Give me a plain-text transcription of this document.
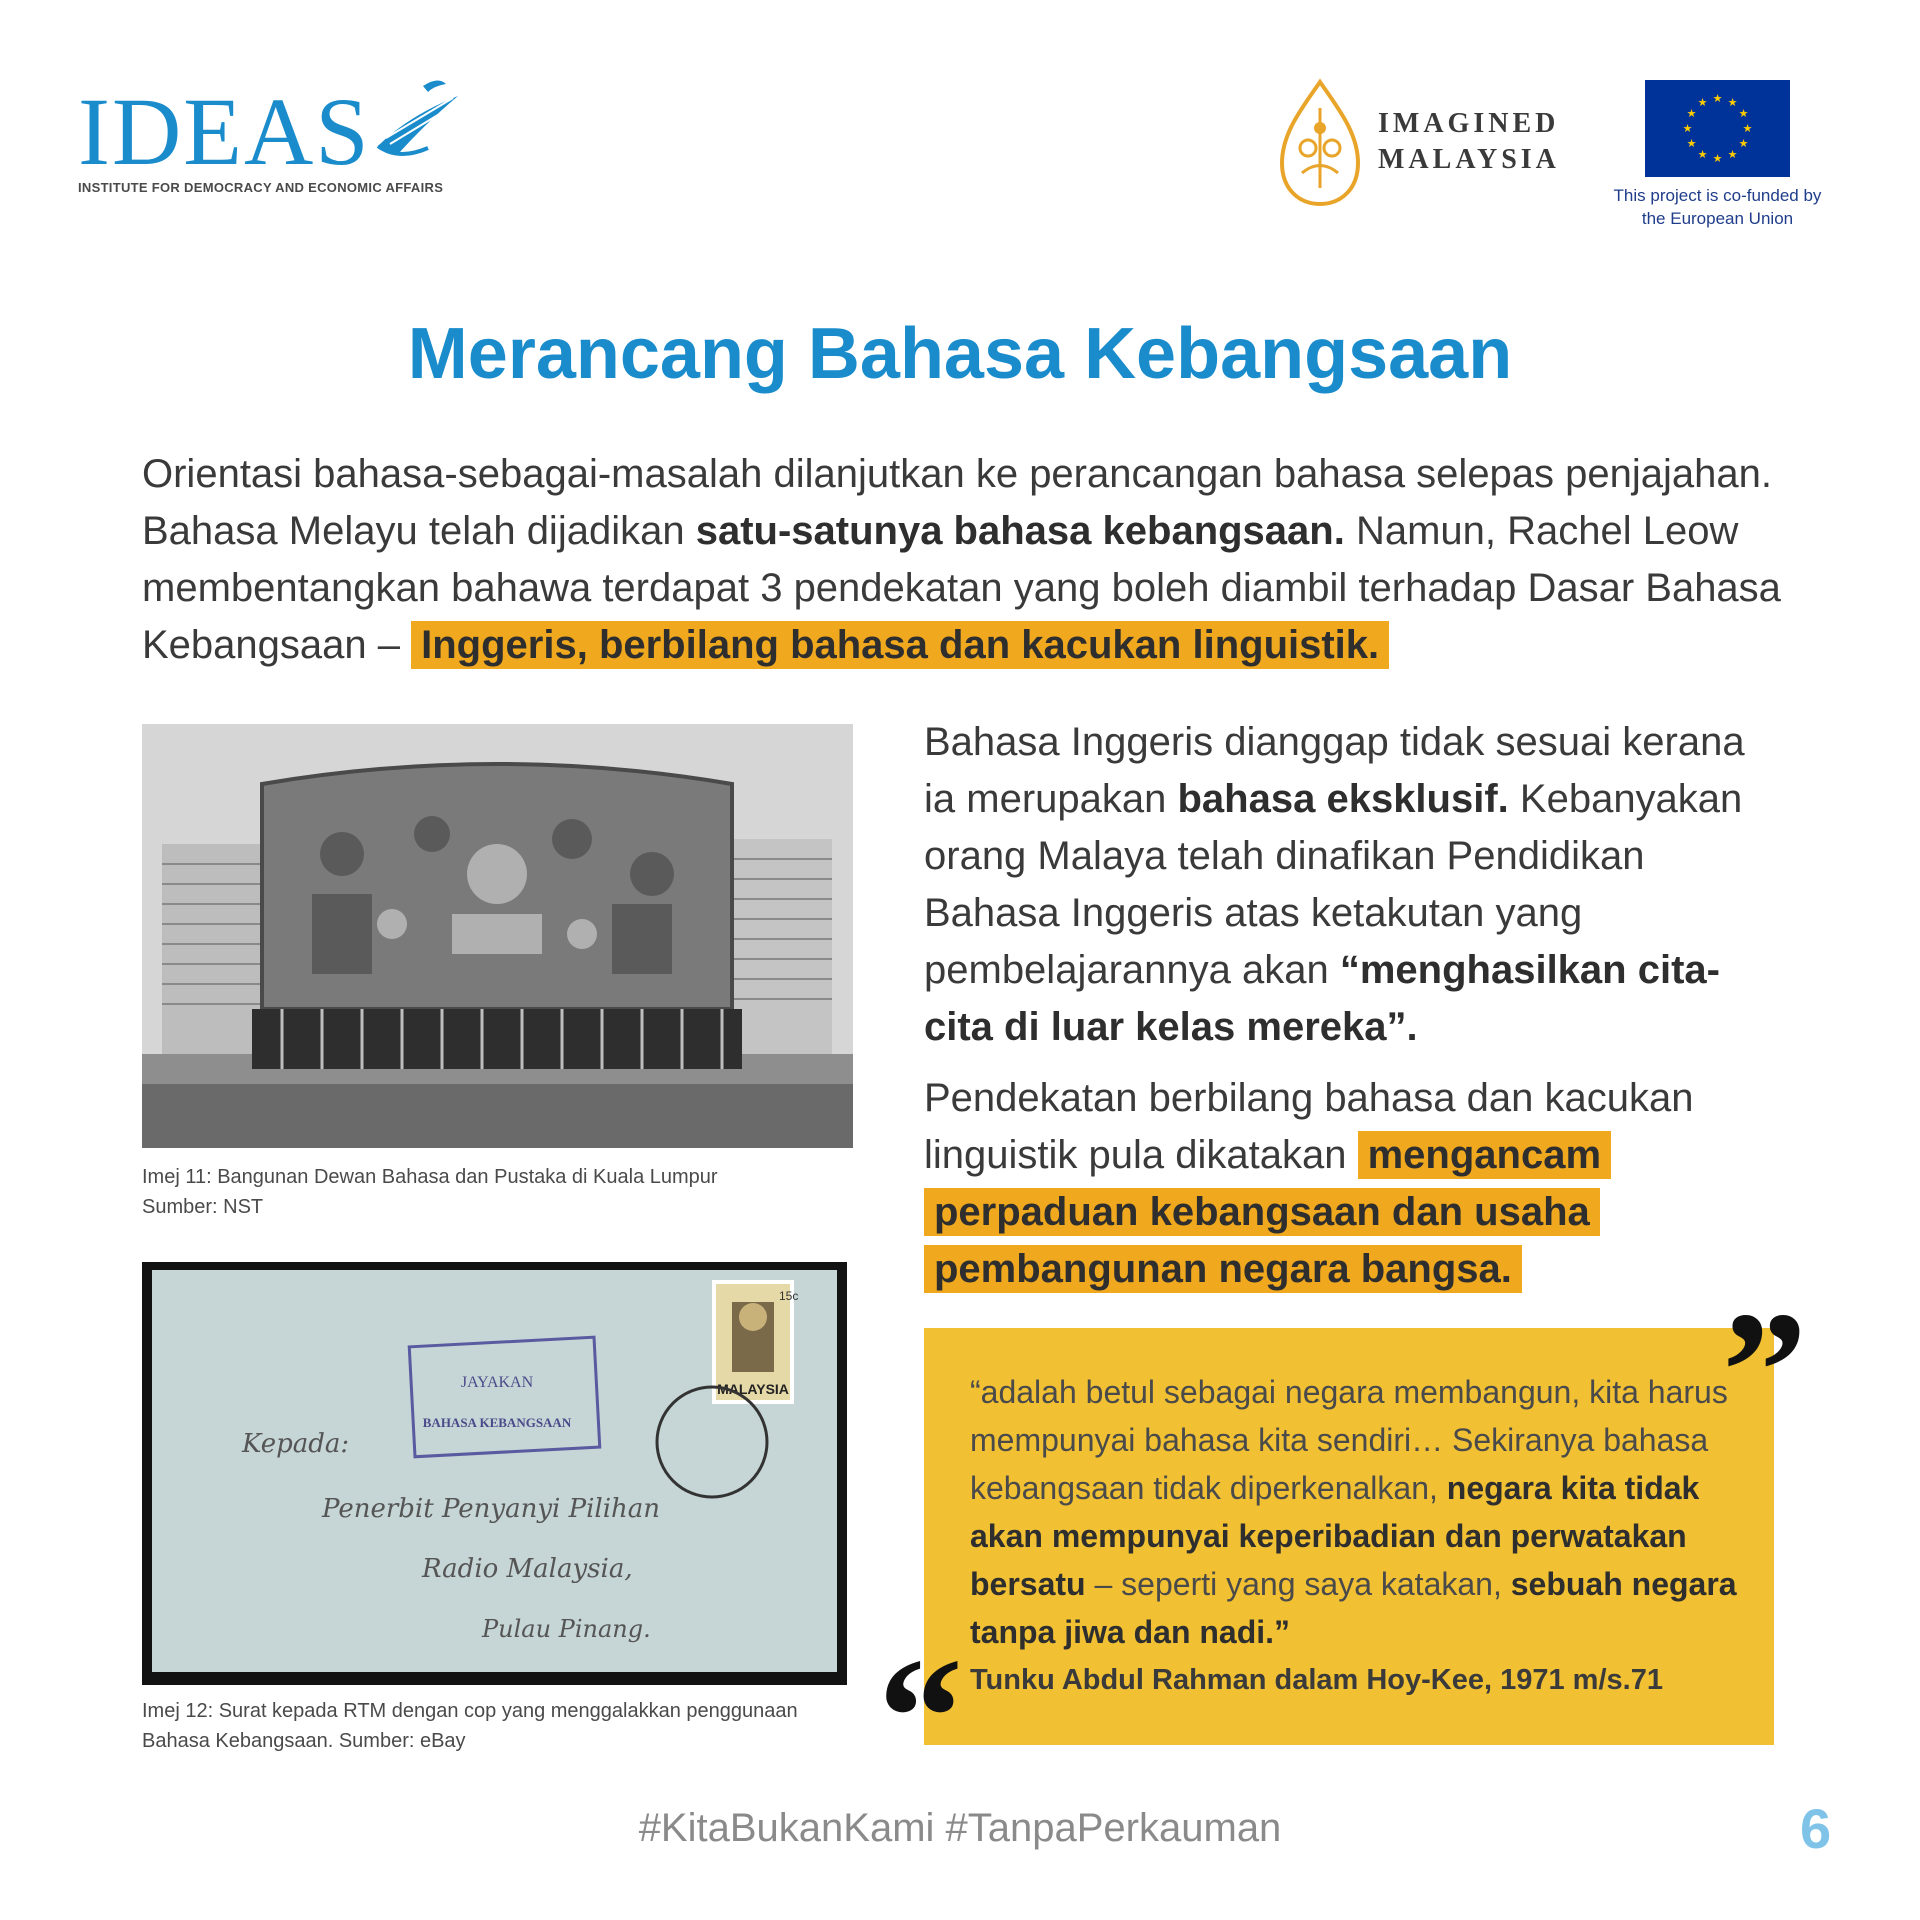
IDEAS
INSTITUTE FOR DEMOCRACY AND ECONOMIC AFFAIRS
IMAGINED
MALAYSIA
★ ★
★
★
★
★
★
★
★
★
★
★
This project is co-funded by
the European Union
Merancang Bahasa Kebangsaan
Orientasi bahasa-sebagai-masalah dilanjutkan ke perancangan bahasa selepas penjajahan. Bahasa Melayu telah dijadikan satu-satunya bahasa kebangsaan. Namun, Rachel Leow membentangkan bahawa terdapat 3 pendekatan yang boleh diambil terhadap Dasar Bahasa Kebangsaan – Inggeris, berbilang bahasa dan kacukan linguistik.
Imej 11: Bangunan Dewan Bahasa dan Pustaka di Kuala Lumpur
Sumber: NST
JAYAKAN
BAHASA KEBANGSAAN
15c
MALAYSIA
Kepada:
Penerbit Penyanyi Pilihan
Radio Malaysia,
Pulau Pinang.
Imej 12: Surat kepada RTM dengan cop yang menggalakkan penggunaan
Bahasa Kebangsaan. Sumber: eBay
Bahasa Inggeris dianggap tidak sesuai kerana ia merupakan bahasa eksklusif. Kebanyakan orang Malaya telah dinafikan Pendidikan Bahasa Inggeris atas ketakutan yang pembelajarannya akan “menghasilkan cita-cita di luar kelas mereka”.
Pendekatan berbilang bahasa dan kacukan linguistik pula dikatakan mengancam perpaduan kebangsaan dan usaha pembangunan negara bangsa.
”
“adalah betul sebagai negara membangun, kita harus mempunyai bahasa kita sendiri… Sekiranya bahasa kebangsaan tidak diperkenalkan, negara kita tidak akan mempunyai keperibadian dan perwatakan bersatu – seperti yang saya katakan, sebuah negara tanpa jiwa dan nadi.”
Tunku Abdul Rahman dalam Hoy-Kee, 1971 m/s.71
“
#KitaBukanKami #TanpaPerkauman	6
